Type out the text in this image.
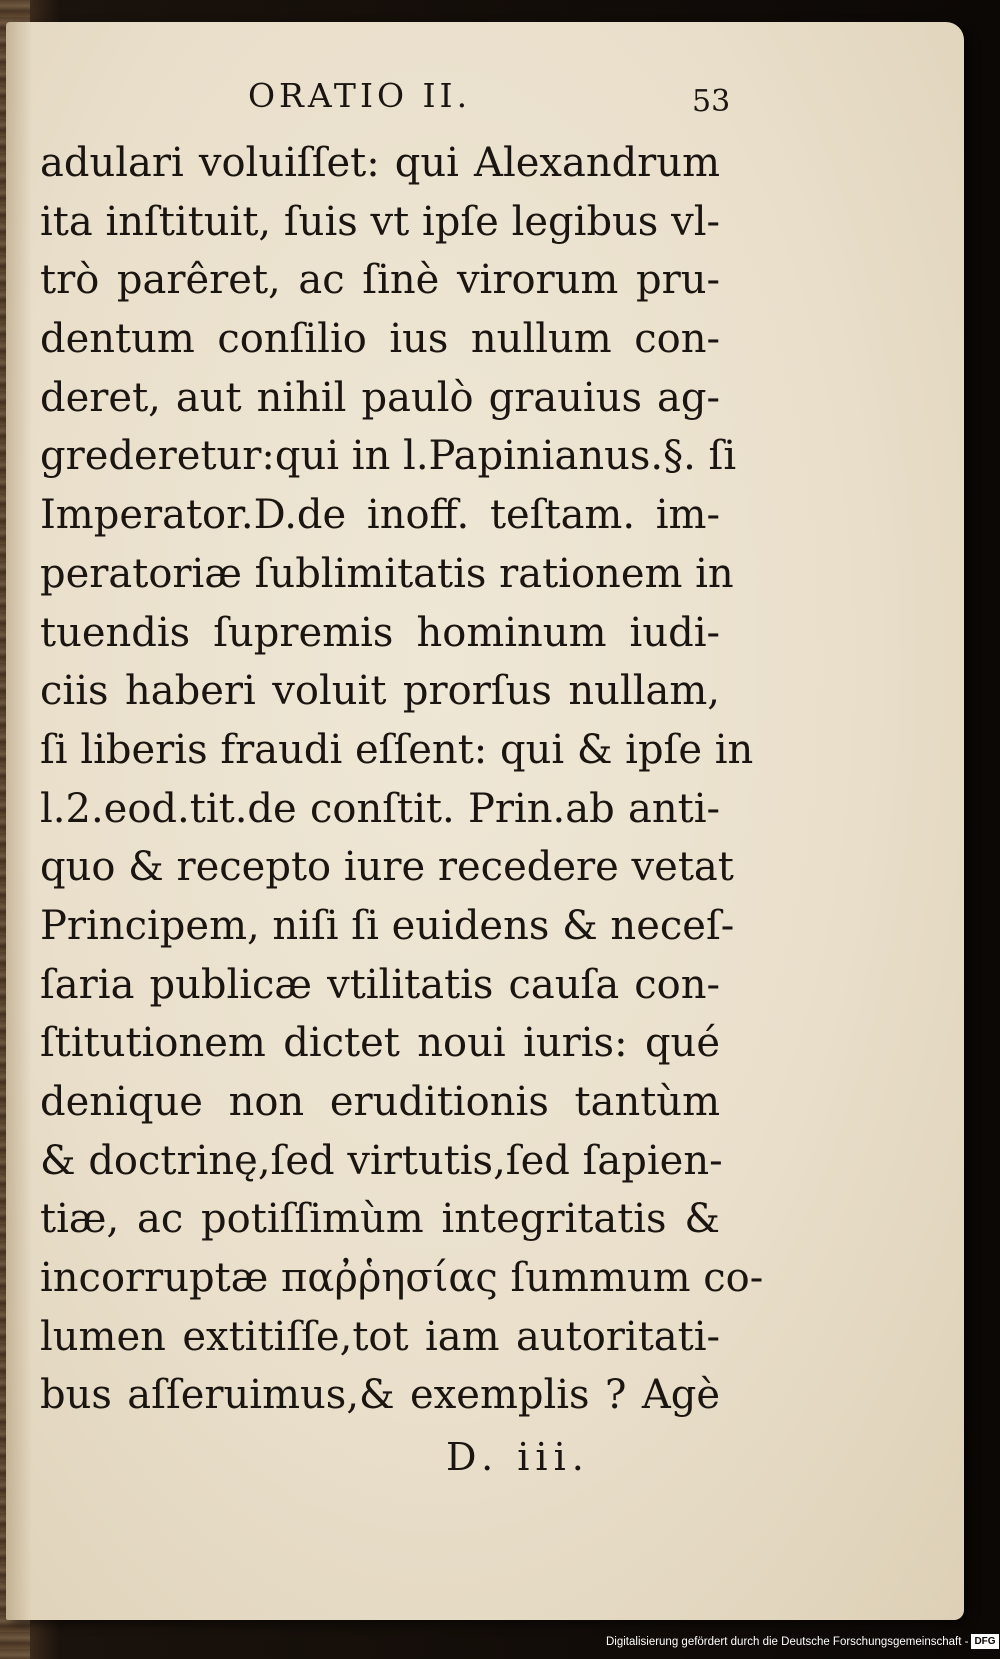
ORATIO II.	53
adulari voluiſſet: qui Alexandrum
ita inſtituit, ſuis vt ipſe legibus vl-
trò parêret, ac ſinè virorum pru-
dentum conſilio ius nullum con-
deret, aut nihil paulò grauius ag-
grederetur:qui in l.Papinianus.§. ſi
Imperator.D.de inoff. teſtam. im-
peratoriæ ſublimitatis rationem in
tuendis ſupremis hominum iudi-
ciis haberi voluit prorſus nullam,
ſi liberis fraudi eſſent: qui & ipſe in
l.2.eod.tit.de conſtit. Prin.ab anti-
quo & recepto iure recedere vetat
Principem, niſi ſi euidens & neceſ-
ſaria publicæ vtilitatis cauſa con-
ſtitutionem dictet noui iuris: qué
denique non eruditionis tantùm
& doctrinę,ſed virtutis,ſed ſapien-
tiæ, ac potiſſimùm integritatis &
incorruptæ παῤῥησίας ſummum co-
lumen extitiſſe,tot iam autoritati-
bus aſſeruimus,& exemplis ? Agè
D. iii.
Digitalisierung gefördert durch die Deutsche Forschungsgemeinschaft - DFG
